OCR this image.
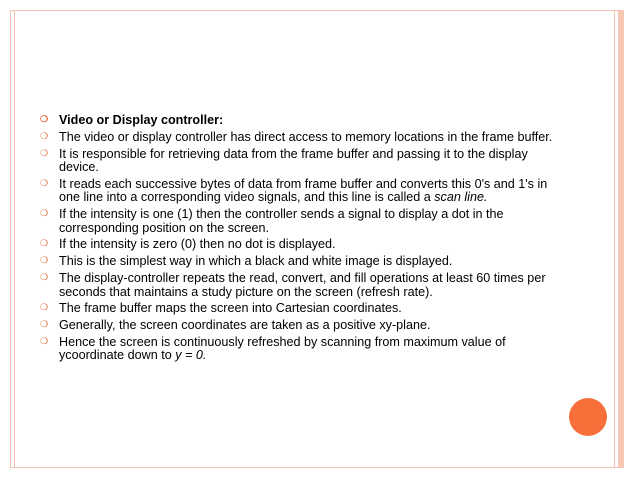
❍ Video or Display controller:
❍ The video or display controller has direct access to memory locations in the frame buffer.
❍ It is responsible for retrieving data from the frame buffer and passing it to the display device.
❍ It reads each successive bytes of data from frame buffer and converts this 0's and 1's in one line into a corresponding video signals, and this line is called a scan line.
❍ If the intensity is one (1) then the controller sends a signal to display a dot in the corresponding position on the screen.
❍ If the intensity is zero (0) then no dot is displayed.
❍ This is the simplest way in which a black and white image is displayed.
❍ The display-controller repeats the read, convert, and fill operations at least 60 times per seconds that maintains a study picture on the screen (refresh rate).
❍ The frame buffer maps the screen into Cartesian coordinates.
❍ Generally, the screen coordinates are taken as a positive xy-plane.
❍ Hence the screen is continuously refreshed by scanning from maximum value of ycoordinate down to y = 0.
